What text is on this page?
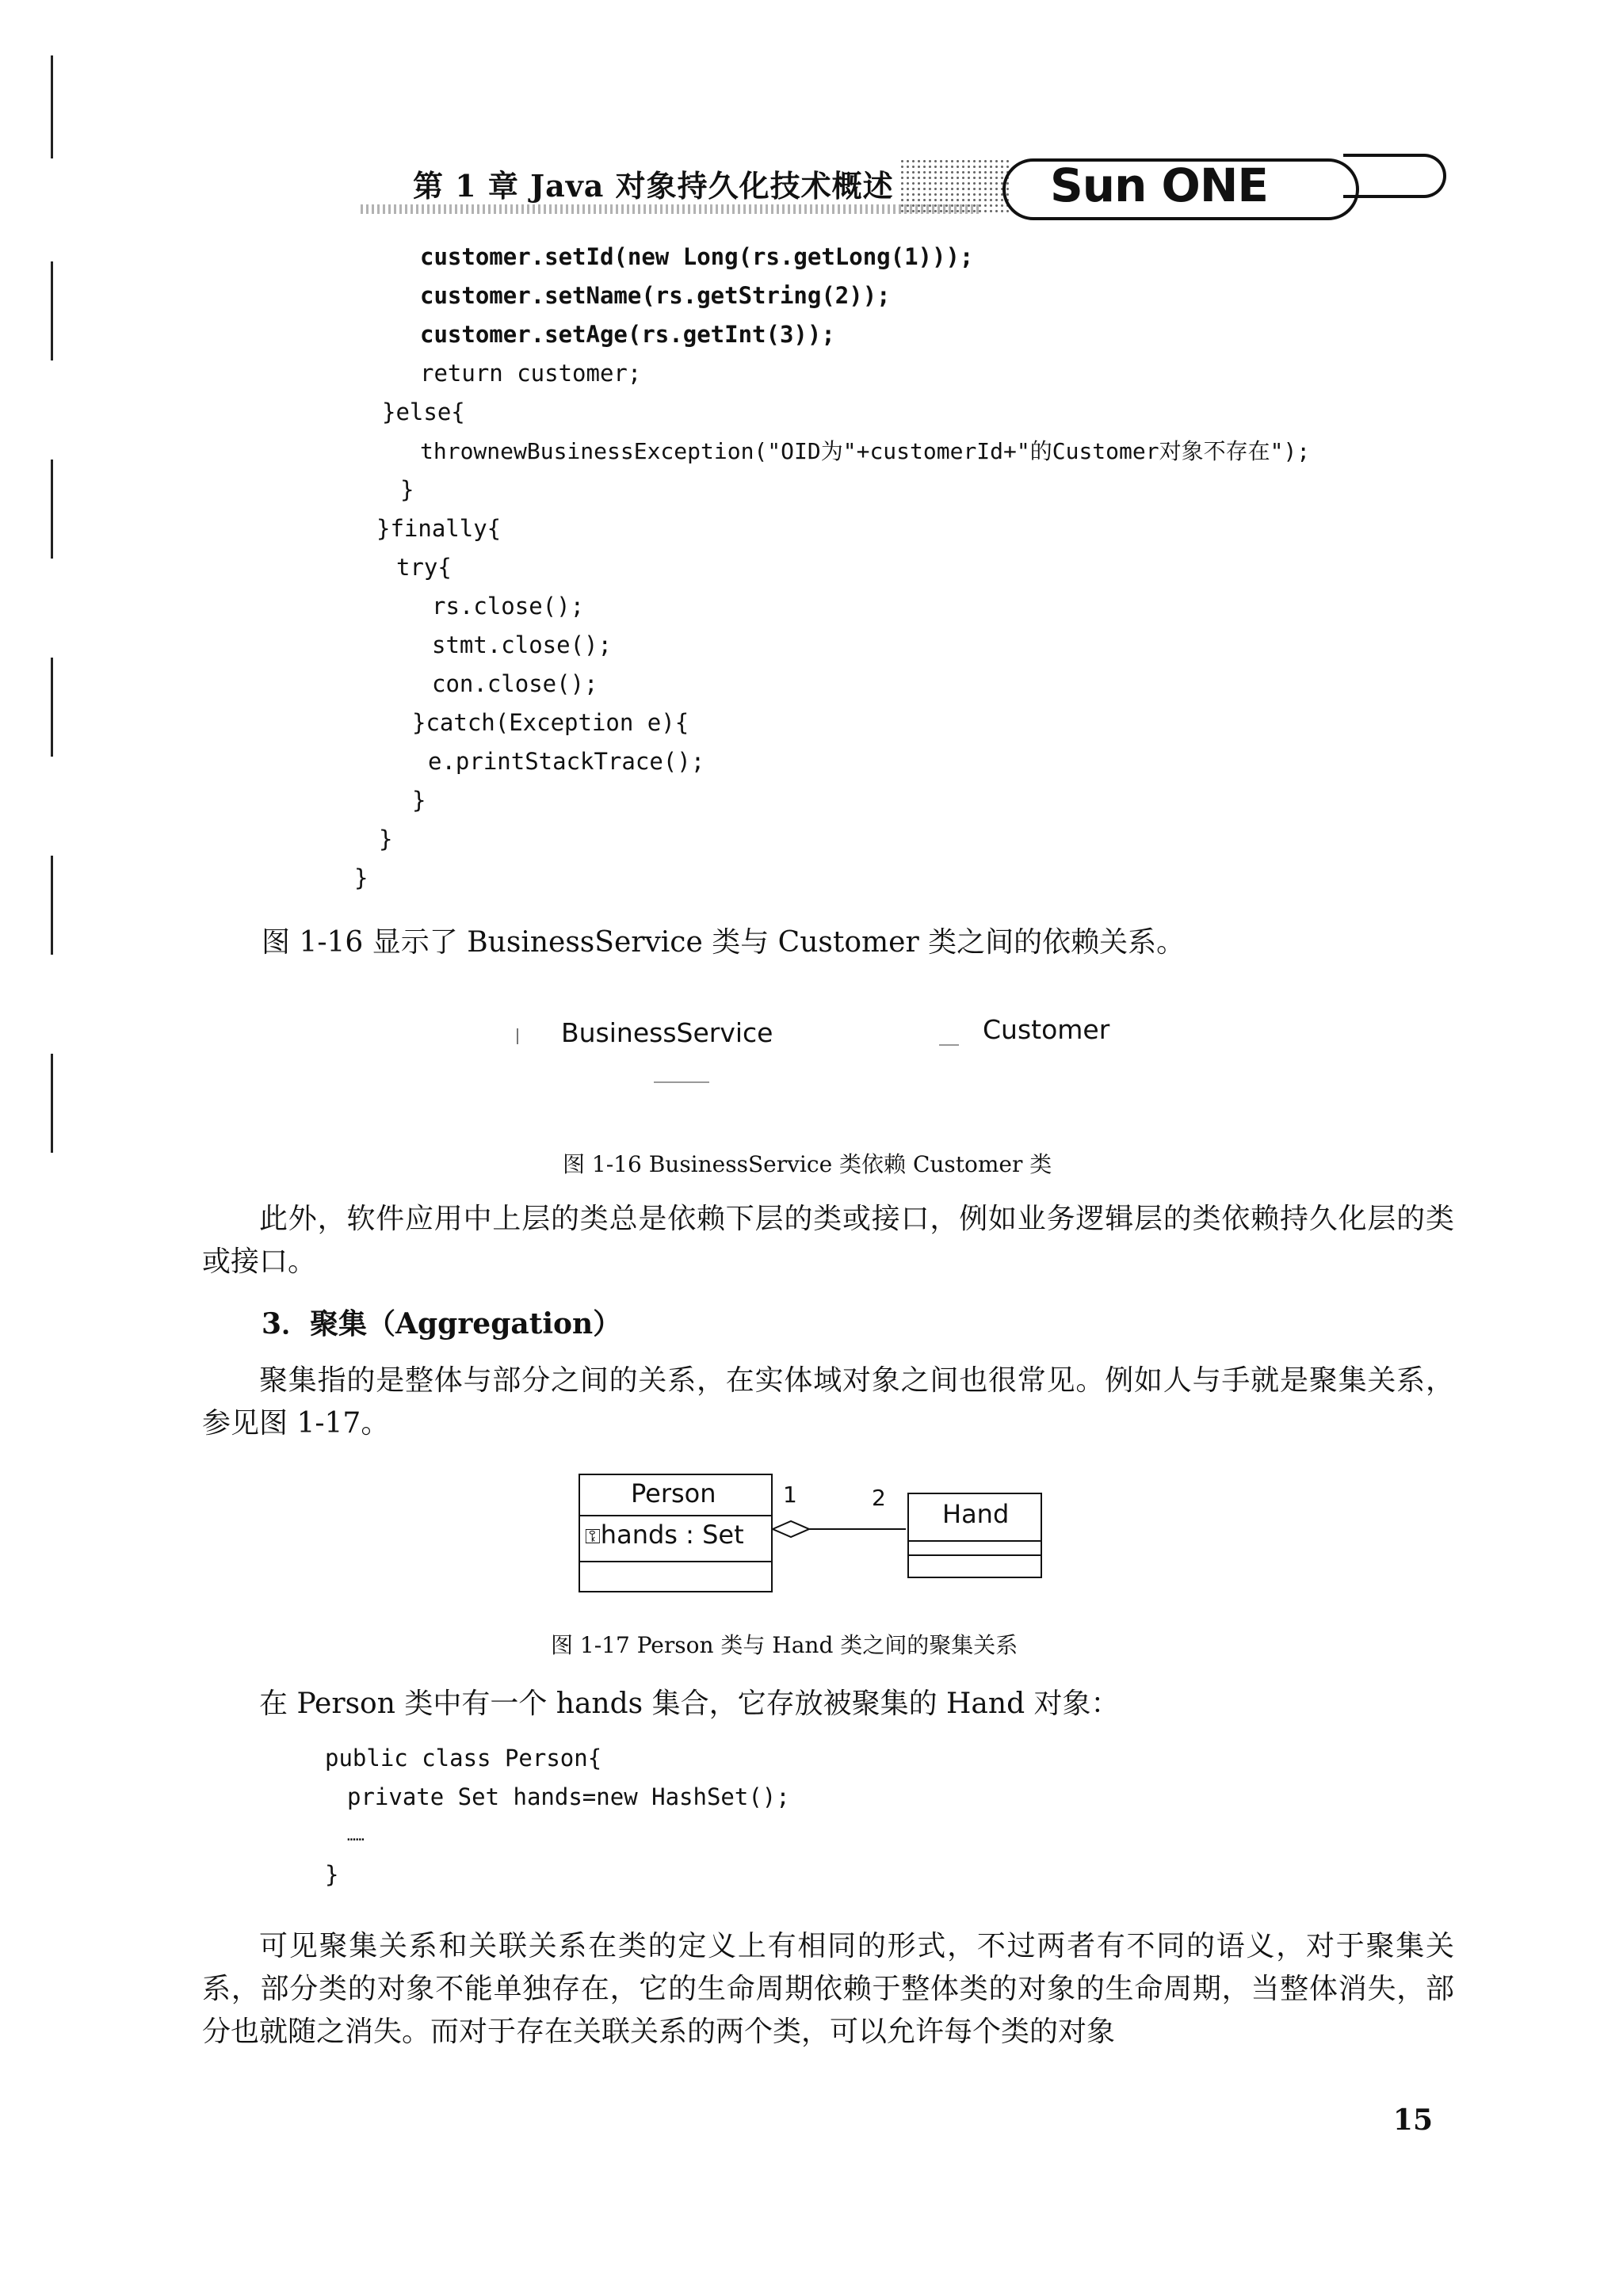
第 1 章 Java 对象持久化技术概述	Sun ONE
customer.setId(new Long(rs.getLong(1)));
customer.setName(rs.getString(2));
customer.setAge(rs.getInt(3));
return customer;
}else{
thrownewBusinessException("OID为"+customerId+"的Customer对象不存在");
}
}finally{
try{
rs.close();
stmt.close();
con.close();
}catch(Exception e){
e.printStackTrace();
}
}
}

图 1-16 显示了 BusinessService 类与 Customer 类之间的依赖关系。

BusinessService	Customer
图 1-16 BusinessService 类依赖 Customer 类

此外，软件应用中上层的类总是依赖下层的类或接口，例如业务逻辑层的类依赖持久化层的类或接口。

3．聚集（Aggregation）

聚集指的是整体与部分之间的关系，在实体域对象之间也很常见。例如人与手就是聚集关系，参见图 1-17。

Person
⚿hands : Set
1	2
Hand
图 1-17 Person 类与 Hand 类之间的聚集关系

在 Person 类中有一个 hands 集合，它存放被聚集的 Hand 对象：

public class Person{
private Set hands=new HashSet();
……
}

可见聚集关系和关联关系在类的定义上有相同的形式，不过两者有不同的语义，对于聚集关系，部分类的对象不能单独存在，它的生命周期依赖于整体类的对象的生命周期，当整体消失，部分也就随之消失。而对于存在关联关系的两个类，可以允许每个类的对象

15
